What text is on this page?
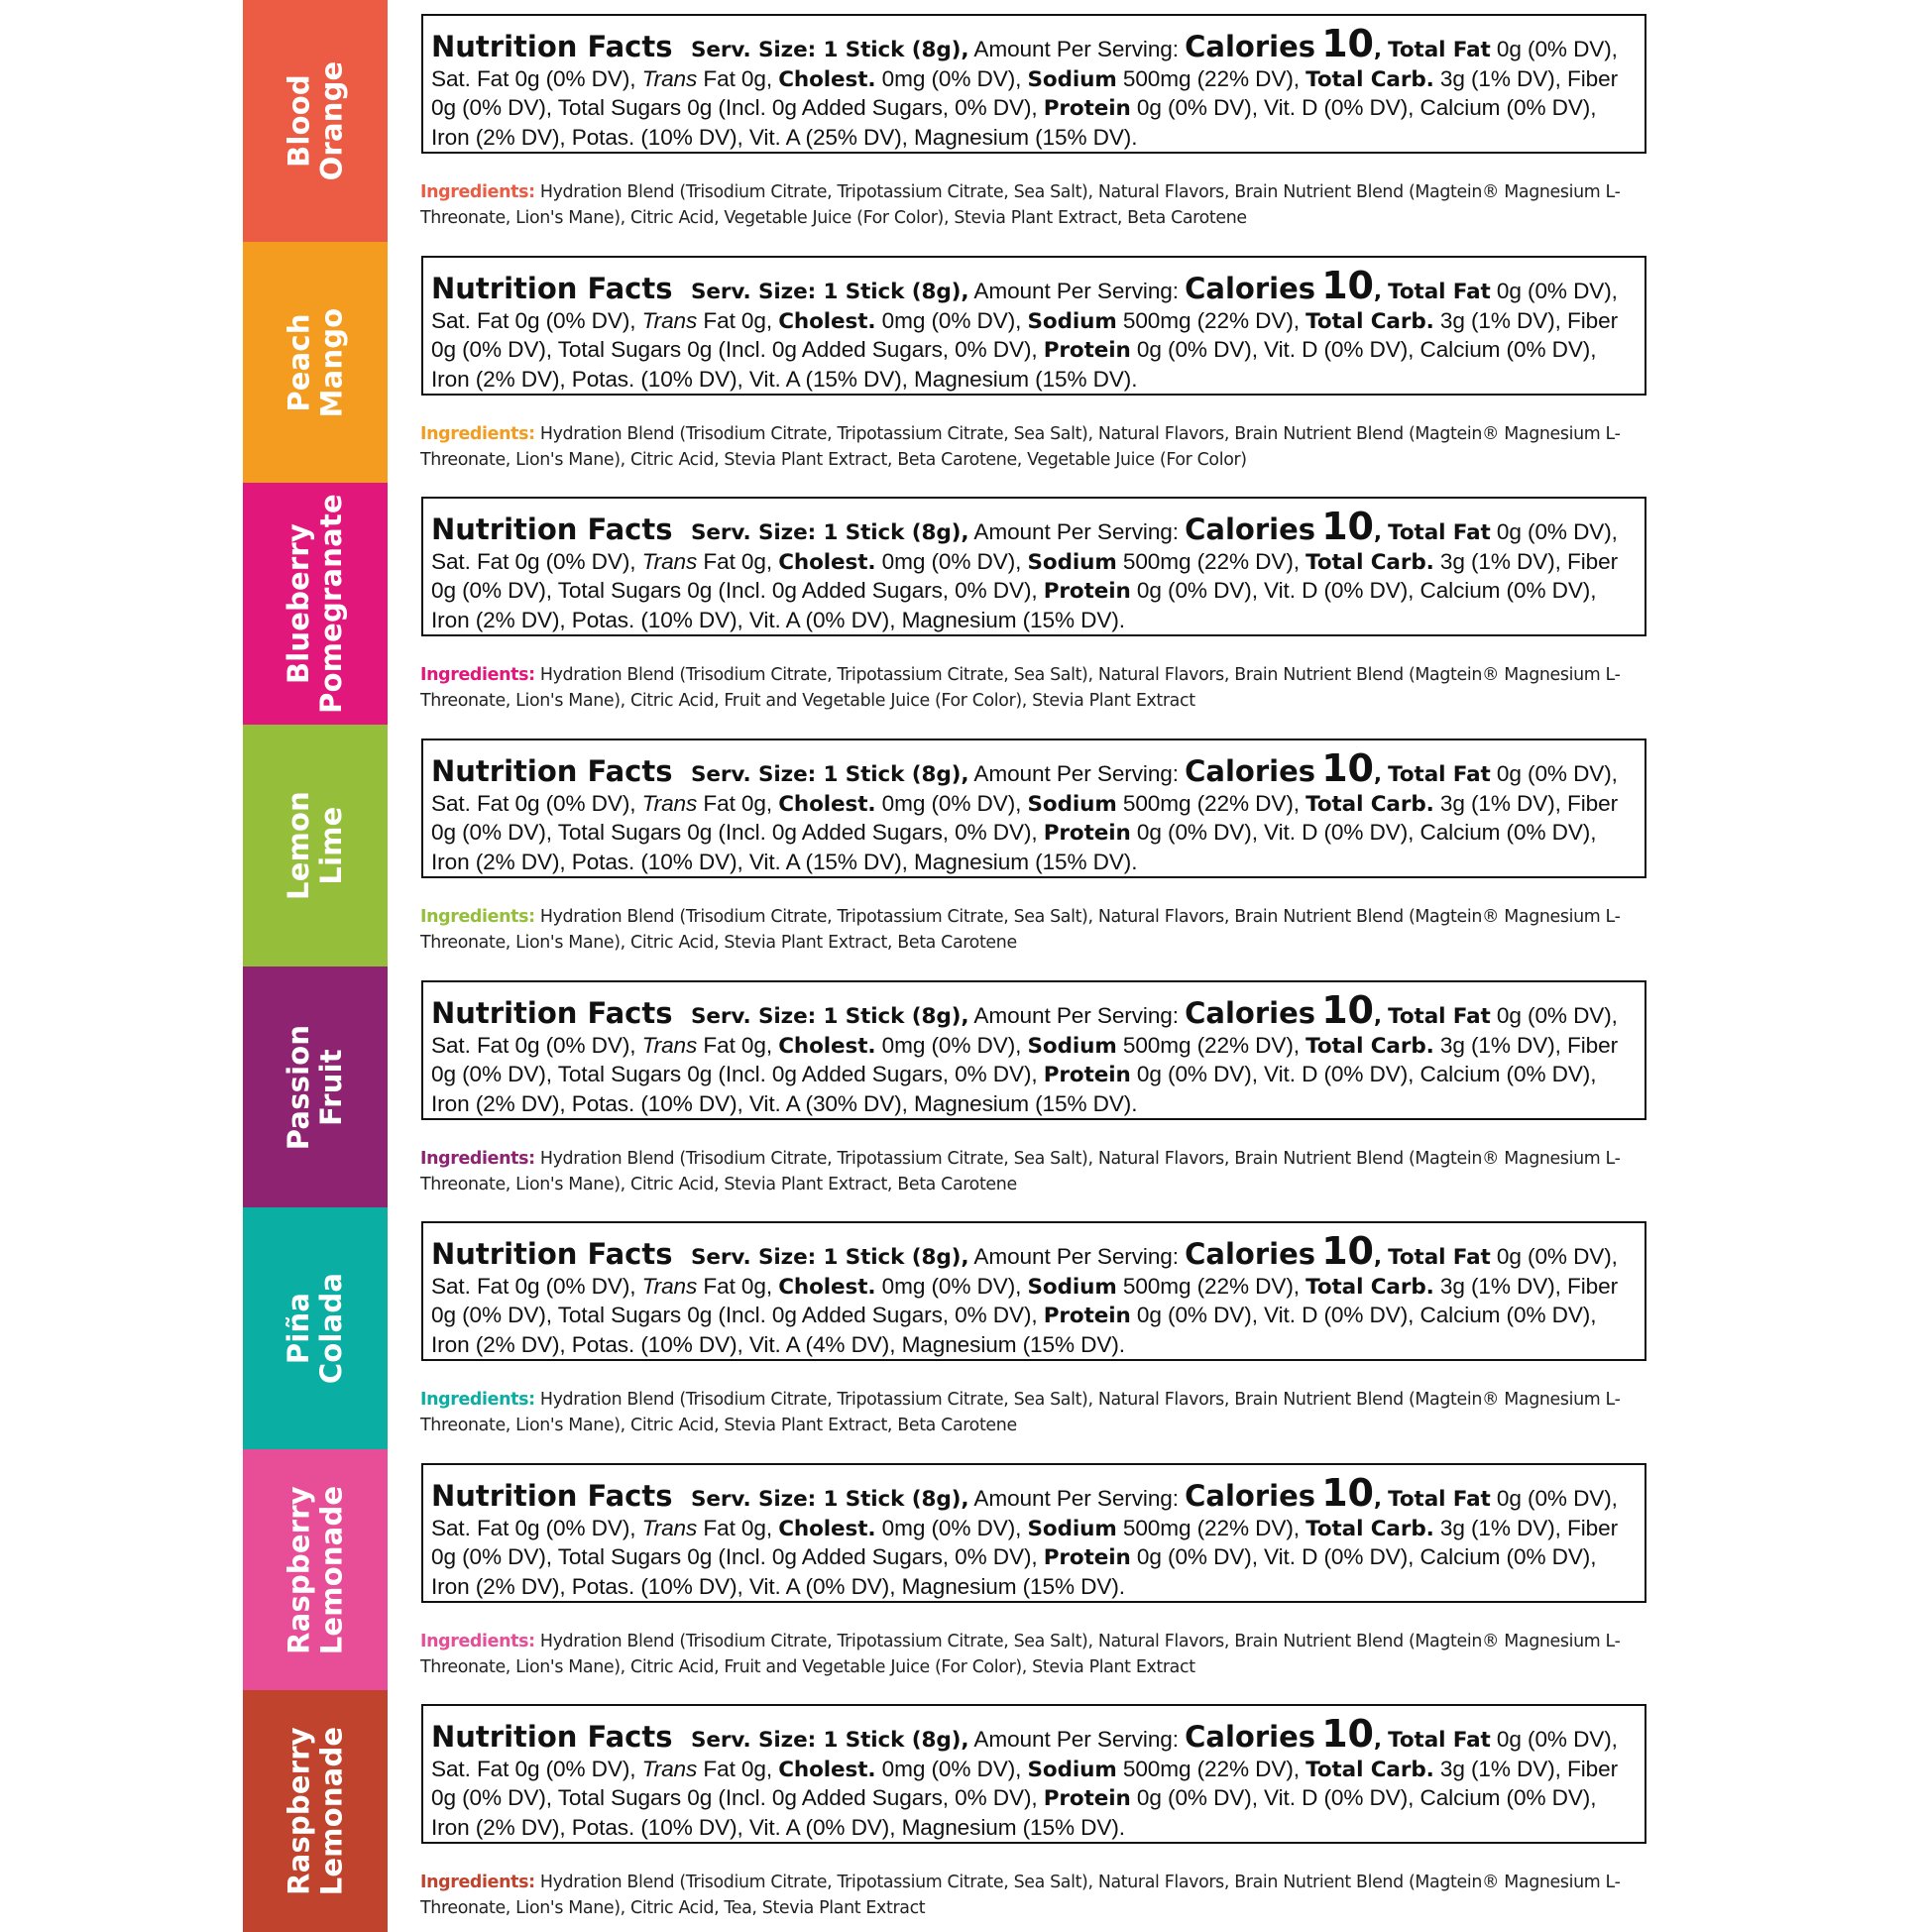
Blood
Orange

Nutrition Facts Serv. Size: 1 Stick (8g), Amount Per Serving: Calories 10, Total Fat 0g (0% DV), Sat. Fat 0g (0% DV), Trans Fat 0g, Cholest. 0mg (0% DV), Sodium 500mg (22% DV), Total Carb. 3g (1% DV), Fiber 0g (0% DV), Total Sugars 0g (Incl. 0g Added Sugars, 0% DV), Protein 0g (0% DV), Vit. D (0% DV), Calcium (0% DV), Iron (2% DV), Potas. (10% DV), Vit. A (25% DV), Magnesium (15% DV).

Ingredients: Hydration Blend (Trisodium Citrate, Tripotassium Citrate, Sea Salt), Natural Flavors, Brain Nutrient Blend (Magtein® Magnesium L-Threonate, Lion's Mane), Citric Acid, Vegetable Juice (For Color), Stevia Plant Extract, Beta Carotene
Peach
Mango

Nutrition Facts Serv. Size: 1 Stick (8g), Amount Per Serving: Calories 10, Total Fat 0g (0% DV), Sat. Fat 0g (0% DV), Trans Fat 0g, Cholest. 0mg (0% DV), Sodium 500mg (22% DV), Total Carb. 3g (1% DV), Fiber 0g (0% DV), Total Sugars 0g (Incl. 0g Added Sugars, 0% DV), Protein 0g (0% DV), Vit. D (0% DV), Calcium (0% DV), Iron (2% DV), Potas. (10% DV), Vit. A (15% DV), Magnesium (15% DV).

Ingredients: Hydration Blend (Trisodium Citrate, Tripotassium Citrate, Sea Salt), Natural Flavors, Brain Nutrient Blend (Magtein® Magnesium L-Threonate, Lion's Mane), Citric Acid, Stevia Plant Extract, Beta Carotene, Vegetable Juice (For Color)
Blueberry
Pomegranate	Nutrition Facts Serv. Size: 1 Stick (8g), Amount Per Serving: Calories 10, Total Fat 0g (0% DV), Sat. Fat 0g (0% DV), Trans Fat 0g, Cholest. 0mg (0% DV), Sodium 500mg (22% DV), Total Carb. 3g (1% DV), Fiber 0g (0% DV), Total Sugars 0g (Incl. 0g Added Sugars, 0% DV), Protein 0g (0% DV), Vit. D (0% DV), Calcium (0% DV), Iron (2% DV), Potas. (10% DV), Vit. A (0% DV), Magnesium (15% DV).

Ingredients: Hydration Blend (Trisodium Citrate, Tripotassium Citrate, Sea Salt), Natural Flavors, Brain Nutrient Blend (Magtein® Magnesium L-Threonate, Lion's Mane), Citric Acid, Fruit and Vegetable Juice (For Color), Stevia Plant Extract
Lemon
Lime

Nutrition Facts Serv. Size: 1 Stick (8g), Amount Per Serving: Calories 10, Total Fat 0g (0% DV), Sat. Fat 0g (0% DV), Trans Fat 0g, Cholest. 0mg (0% DV), Sodium 500mg (22% DV), Total Carb. 3g (1% DV), Fiber 0g (0% DV), Total Sugars 0g (Incl. 0g Added Sugars, 0% DV), Protein 0g (0% DV), Vit. D (0% DV), Calcium (0% DV), Iron (2% DV), Potas. (10% DV), Vit. A (15% DV), Magnesium (15% DV).

Ingredients: Hydration Blend (Trisodium Citrate, Tripotassium Citrate, Sea Salt), Natural Flavors, Brain Nutrient Blend (Magtein® Magnesium L-Threonate, Lion's Mane), Citric Acid, Stevia Plant Extract, Beta Carotene
Passion
Fruit

Nutrition Facts Serv. Size: 1 Stick (8g), Amount Per Serving: Calories 10, Total Fat 0g (0% DV), Sat. Fat 0g (0% DV), Trans Fat 0g, Cholest. 0mg (0% DV), Sodium 500mg (22% DV), Total Carb. 3g (1% DV), Fiber 0g (0% DV), Total Sugars 0g (Incl. 0g Added Sugars, 0% DV), Protein 0g (0% DV), Vit. D (0% DV), Calcium (0% DV), Iron (2% DV), Potas. (10% DV), Vit. A (30% DV), Magnesium (15% DV).

Ingredients: Hydration Blend (Trisodium Citrate, Tripotassium Citrate, Sea Salt), Natural Flavors, Brain Nutrient Blend (Magtein® Magnesium L-Threonate, Lion's Mane), Citric Acid, Stevia Plant Extract, Beta Carotene
Piña
Colada

Nutrition Facts Serv. Size: 1 Stick (8g), Amount Per Serving: Calories 10, Total Fat 0g (0% DV), Sat. Fat 0g (0% DV), Trans Fat 0g, Cholest. 0mg (0% DV), Sodium 500mg (22% DV), Total Carb. 3g (1% DV), Fiber 0g (0% DV), Total Sugars 0g (Incl. 0g Added Sugars, 0% DV), Protein 0g (0% DV), Vit. D (0% DV), Calcium (0% DV), Iron (2% DV), Potas. (10% DV), Vit. A (4% DV), Magnesium (15% DV).

Ingredients: Hydration Blend (Trisodium Citrate, Tripotassium Citrate, Sea Salt), Natural Flavors, Brain Nutrient Blend (Magtein® Magnesium L-Threonate, Lion's Mane), Citric Acid, Stevia Plant Extract, Beta Carotene
Raspberry
Lemonade	Nutrition Facts Serv. Size: 1 Stick (8g), Amount Per Serving: Calories 10, Total Fat 0g (0% DV), Sat. Fat 0g (0% DV), Trans Fat 0g, Cholest. 0mg (0% DV), Sodium 500mg (22% DV), Total Carb. 3g (1% DV), Fiber 0g (0% DV), Total Sugars 0g (Incl. 0g Added Sugars, 0% DV), Protein 0g (0% DV), Vit. D (0% DV), Calcium (0% DV), Iron (2% DV), Potas. (10% DV), Vit. A (0% DV), Magnesium (15% DV).

Ingredients: Hydration Blend (Trisodium Citrate, Tripotassium Citrate, Sea Salt), Natural Flavors, Brain Nutrient Blend (Magtein® Magnesium L-Threonate, Lion's Mane), Citric Acid, Fruit and Vegetable Juice (For Color), Stevia Plant Extract
Raspberry
Lemonade	Nutrition Facts Serv. Size: 1 Stick (8g), Amount Per Serving: Calories 10, Total Fat 0g (0% DV), Sat. Fat 0g (0% DV), Trans Fat 0g, Cholest. 0mg (0% DV), Sodium 500mg (22% DV), Total Carb. 3g (1% DV), Fiber 0g (0% DV), Total Sugars 0g (Incl. 0g Added Sugars, 0% DV), Protein 0g (0% DV), Vit. D (0% DV), Calcium (0% DV), Iron (2% DV), Potas. (10% DV), Vit. A (0% DV), Magnesium (15% DV).

Ingredients: Hydration Blend (Trisodium Citrate, Tripotassium Citrate, Sea Salt), Natural Flavors, Brain Nutrient Blend (Magtein® Magnesium L-Threonate, Lion's Mane), Citric Acid, Tea, Stevia Plant Extract
